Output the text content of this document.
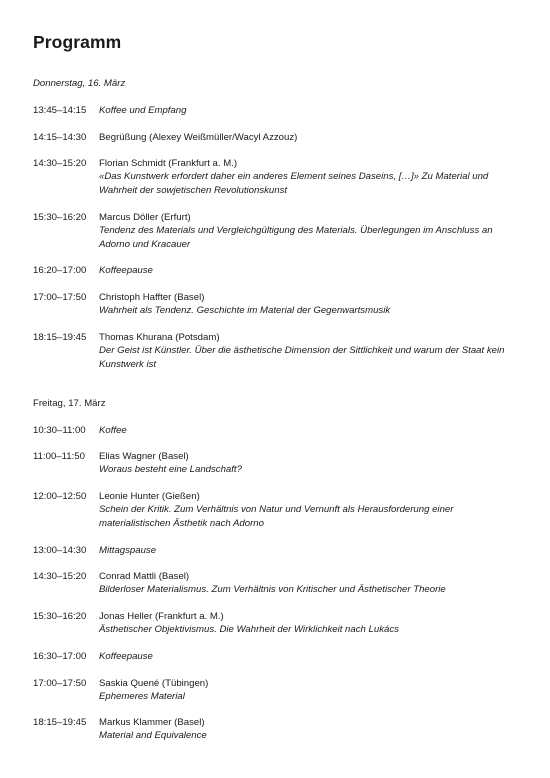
Programm
Donnerstag, 16. März
13:45–14:15	Koffee und Empfang
14:15–14:30	Begrüßung (Alexey Weißmüller/Wacyl Azzouz)
14:30–15:20	Florian Schmidt (Frankfurt a. M.)
«Das Kunstwerk erfordert daher ein anderes Element seines Daseins, […]» Zu Material und Wahrheit der sowjetischen Revolutionskunst
15:30–16:20	Marcus Döller (Erfurt)
Tendenz des Materials und Vergleichgültigung des Materials. Überlegungen im Anschluss an Adorno und Kracauer
16:20–17:00	Koffeepause
17:00–17:50	Christoph Haffter (Basel)
Wahrheit als Tendenz. Geschichte im Material der Gegenwartsmusik
18:15–19:45	Thomas Khurana (Potsdam)
Der Geist ist Künstler. Über die ästhetische Dimension der Sittlichkeit und warum der Staat kein Kunstwerk ist
Freitag, 17. März
10:30–11:00	Koffee
11:00–11:50	Elias Wagner (Basel)
Woraus besteht eine Landschaft?
12:00–12:50	Leonie Hunter (Gießen)
Schein der Kritik. Zum Verhältnis von Natur und Vernunft als Herausforderung einer materialistischen Ästhetik nach Adorno
13:00–14:30	Mittagspause
14:30–15:20	Conrad Mattli (Basel)
Bilderloser Materialismus. Zum Verhältnis von Kritischer und Ästhetischer Theorie
15:30–16:20	Jonas Heller (Frankfurt a. M.)
Ästhetischer Objektivismus. Die Wahrheit der Wirklichkeit nach Lukács
16:30–17:00	Koffeepause
17:00–17:50	Saskia Quené (Tübingen)
Ephemeres Material
18:15–19:45	Markus Klammer (Basel)
Material and Equivalence
